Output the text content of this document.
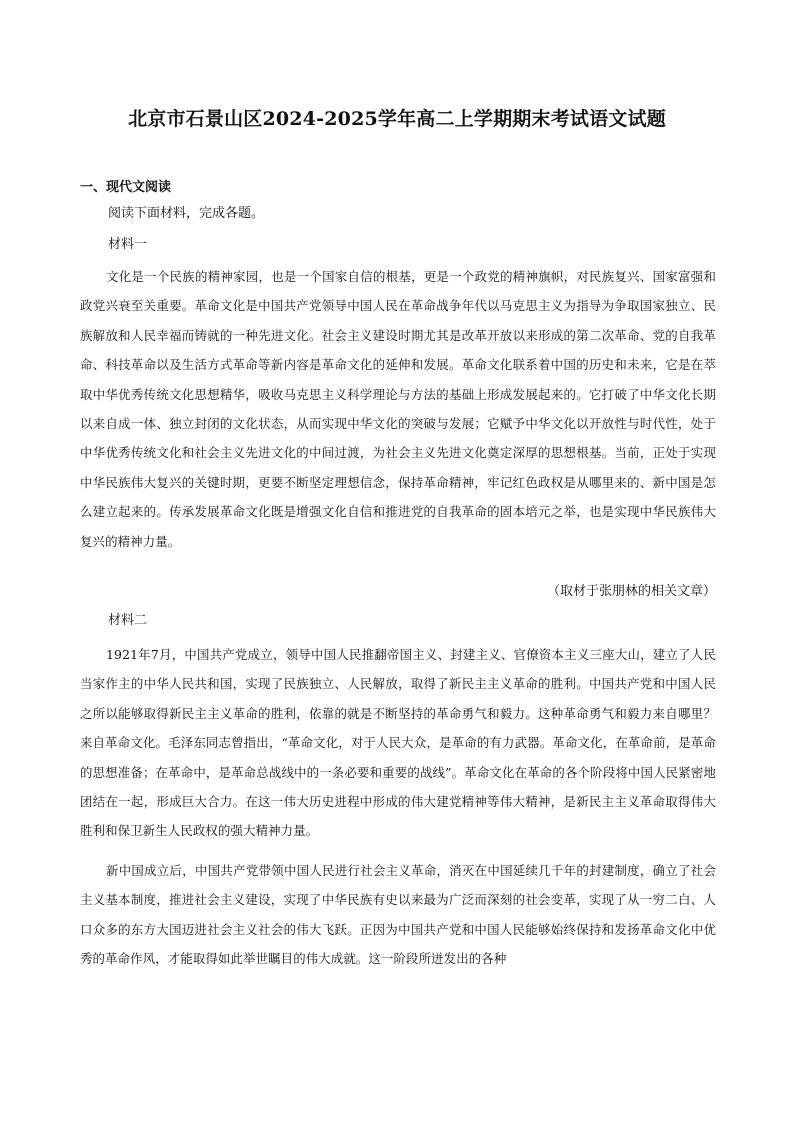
北京市石景山区2024-2025学年高二上学期期末考试语文试题

一、现代文阅读

阅读下面材料，完成各题。

材料一

文化是一个民族的精神家园，也是一个国家自信的根基，更是一个政党的精神旗帜，对民族复兴、国家富强和政党兴衰至关重要。革命文化是中国共产党领导中国人民在革命战争年代以马克思主义为指导为争取国家独立、民族解放和人民幸福而铸就的一种先进文化。社会主义建设时期尤其是改革开放以来形成的第二次革命、党的自我革命、科技革命以及生活方式革命等新内容是革命文化的延伸和发展。革命文化联系着中国的历史和未来，它是在萃取中华优秀传统文化思想精华，吸收马克思主义科学理论与方法的基础上形成发展起来的。它打破了中华文化长期以来自成一体、独立封闭的文化状态，从而实现中华文化的突破与发展；它赋予中华文化以开放性与时代性，处于中华优秀传统文化和社会主义先进文化的中间过渡，为社会主义先进文化奠定深厚的思想根基。当前，正处于实现中华民族伟大复兴的关键时期，更要不断坚定理想信念，保持革命精神，牢记红色政权是从哪里来的、新中国是怎么建立起来的。传承发展革命文化既是增强文化自信和推进党的自我革命的固本培元之举，也是实现中华民族伟大复兴的精神力量。

（取材于张朋林的相关文章）

材料二

1921年7月，中国共产党成立，领导中国人民推翻帝国主义、封建主义、官僚资本主义三座大山，建立了人民当家作主的中华人民共和国，实现了民族独立、人民解放，取得了新民主主义革命的胜利。中国共产党和中国人民之所以能够取得新民主主义革命的胜利，依靠的就是不断坚持的革命勇气和毅力。这种革命勇气和毅力来自哪里？来自革命文化。毛泽东同志曾指出，“革命文化，对于人民大众，是革命的有力武器。革命文化，在革命前，是革命的思想准备；在革命中，是革命总战线中的一条必要和重要的战线”。革命文化在革命的各个阶段将中国人民紧密地团结在一起，形成巨大合力。在这一伟大历史进程中形成的伟大建党精神等伟大精神，是新民主主义革命取得伟大胜利和保卫新生人民政权的强大精神力量。

新中国成立后，中国共产党带领中国人民进行社会主义革命，消灭在中国延续几千年的封建制度，确立了社会主义基本制度，推进社会主义建设，实现了中华民族有史以来最为广泛而深刻的社会变革，实现了从一穷二白、人口众多的东方大国迈进社会主义社会的伟大飞跃。正因为中国共产党和中国人民能够始终保持和发扬革命文化中优秀的革命作风，才能取得如此举世瞩目的伟大成就。这一阶段所迸发出的各种
